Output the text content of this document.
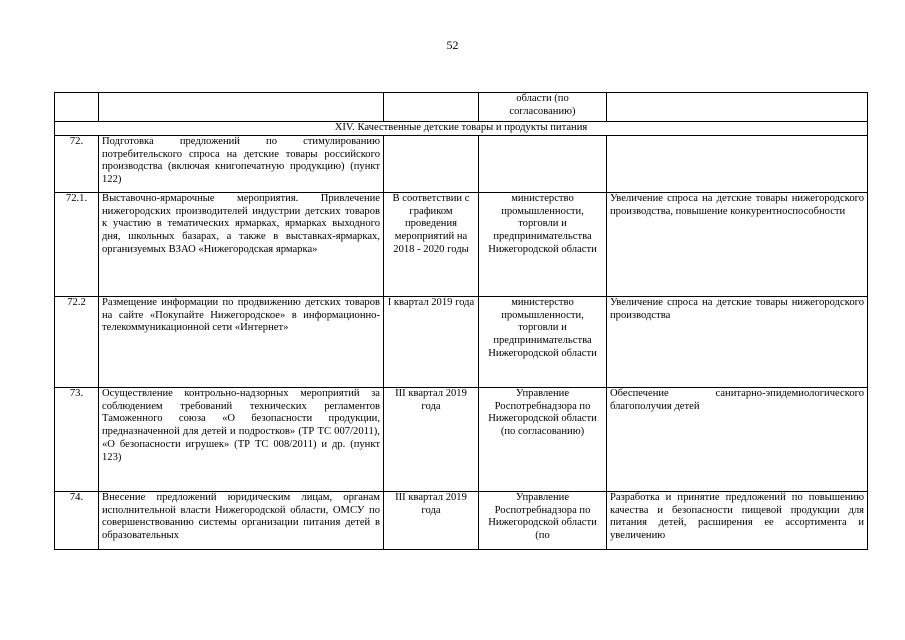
52
			области (по согласованию)	
XIV. Качественные детские товары и продукты питания				
72.	Подготовка предложений по стимулированию потребительского спроса на детские товары российского производства (включая книгопечатную продукцию) (пункт 122)			
72.1.	Выставочно-ярмарочные мероприятия. Привлечение нижегородских производителей индустрии детских товаров к участию в тематических ярмарках, ярмарках выходного дня, школьных базарах, а также в выставках-ярмарках, организуемых ВЗАО «Нижегородская ярмарка»	В соответствии с графиком проведения мероприятий на 2018 - 2020 годы	министерство промышленности, торговли и предпринимательства Нижегородской области	Увеличение спроса на детские товары нижегородского производства, повышение конкурентноспособности
72.2	Размещение информации по продвижению детских товаров на сайте «Покупайте Нижегородское» в информационно-телекоммуникационной сети «Интернет»	I квартал 2019 года	министерство промышленности, торговли и предпринимательства Нижегородской области	Увеличение спроса на детские товары нижегородского производства
73.	Осуществление контрольно-надзорных мероприятий за соблюдением требований технических регламентов Таможенного союза «О безопасности продукции, предназначенной для детей и подростков» (ТР ТС 007/2011), «О безопасности игрушек» (ТР ТС 008/2011) и др. (пункт 123)	III квартал 2019 года	Управление Роспотребнадзора по Нижегородской области (по согласованию)	Обеспечение санитарно-эпидемиологического благополучия детей

74.	Внесение предложений юридическим лицам, органам исполнительной власти Нижегородской области, ОМСУ по совершенствованию системы организации питания детей в образовательных	III квартал 2019 года	Управление Роспотребнадзора по Нижегородской области (по	Разработка и принятие предложений по повышению качества и безопасности пищевой продукции для питания детей, расширения ее ассортимента и увеличению
